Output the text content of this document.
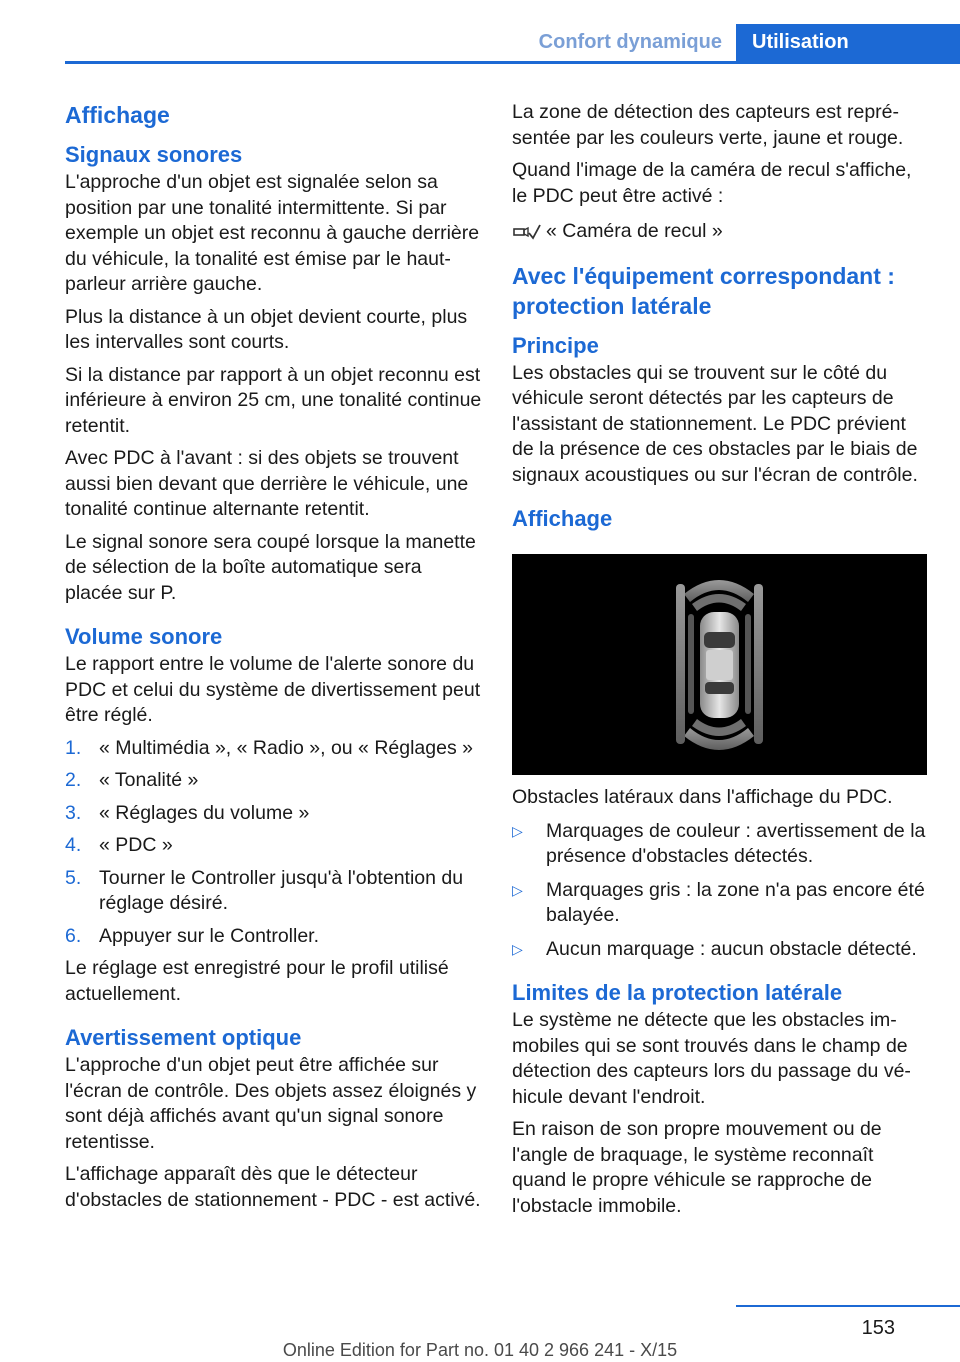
Confort dynamique	Utilisation
Affichage
Signaux sonores

L'approche d'un objet est signalée selon sa position par une tonalité intermittente. Si par exemple un objet est reconnu à gauche derrière du véhicule, la tonalité est émise par le haut-parleur arrière gauche.

Plus la distance à un objet devient courte, plus les intervalles sont courts.

Si la distance par rapport à un objet reconnu est inférieure à environ 25 cm, une tonalité continue retentit.

Avec PDC à l'avant : si des objets se trouvent aussi bien devant que derrière le véhicule, une tonalité continue alternante retentit.

Le signal sonore sera coupé lorsque la manette de sélection de la boîte automatique sera placée sur P.

Volume sonore

Le rapport entre le volume de l'alerte sonore du PDC et celui du système de divertissement peut être réglé.

1. « Multimédia », « Radio », ou « Réglages »
2. « Tonalité »
3. « Réglages du volume »
4. « PDC »
5. Tourner le Controller jusqu'à l'obtention du réglage désiré.
6. Appuyer sur le Controller.

Le réglage est enregistré pour le profil utilisé actuellement.

Avertissement optique

L'approche d'un objet peut être affichée sur l'écran de contrôle. Des objets assez éloignés y sont déjà affichés avant qu'un signal sonore retentisse.

L'affichage apparaît dès que le détecteur d'obstacles de stationnement - PDC - est activé.

La zone de détection des capteurs est représentée par les couleurs verte, jaune et rouge.

Quand l'image de la caméra de recul s'affiche, le PDC peut être activé :

« Caméra de recul »
Avec l'équipement correspondant : protection latérale
Principe

Les obstacles qui se trouvent sur le côté du véhicule seront détectés par les capteurs de l'assistant de stationnement. Le PDC prévient de la présence de ces obstacles par le biais de signaux acoustiques ou sur l'écran de contrôle.

Affichage

Obstacles latéraux dans l'affichage du PDC.

▷ Marquages de couleur : avertissement de la présence d'obstacles détectés.
▷ Marquages gris : la zone n'a pas encore été balayée.
▷ Aucun marquage : aucun obstacle détecté.
Limites de la protection latérale

Le système ne détecte que les obstacles immobiles qui se sont trouvés dans le champ de détection des capteurs lors du passage du véhicule devant l'endroit.

En raison de son propre mouvement ou de l'angle de braquage, le système reconnaît quand le propre véhicule se rapproche de l'obstacle immobile.

153
Online Edition for Part no. 01 40 2 966 241 - X/15
